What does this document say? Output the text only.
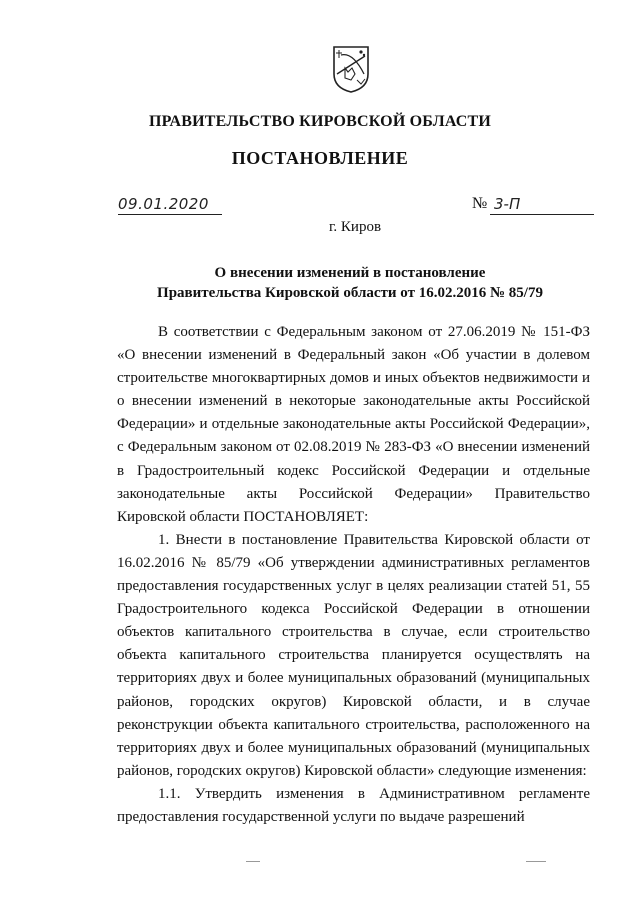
ПРАВИТЕЛЬСТВО КИРОВСКОЙ ОБЛАСТИ
ПОСТАНОВЛЕНИЕ
09.01.2020	№ 3-П
г. Киров
О внесении изменений в постановление
Правительства Кировской области от 16.02.2016 № 85/79

В соответствии с Федеральным законом от 27.06.2019 № 151-ФЗ «О внесении изменений в Федеральный закон «Об участии в долевом строительстве многоквартирных домов и иных объектов недвижимости и о внесении изменений в некоторые законодательные акты Российской Федерации» и отдельные законодательные акты Российской Федерации», с Федеральным законом от 02.08.2019 № 283-ФЗ «О внесении изменений в Градостроительный кодекс Российской Федерации и отдельные законодательные акты Российской Федерации» Правительство Кировской области ПОСТАНОВЛЯЕТ:

1. Внести в постановление Правительства Кировской области от 16.02.2016 № 85/79 «Об утверждении административных регламентов предоставления государственных услуг в целях реализации статей 51, 55 Градостроительного кодекса Российской Федерации в отношении объектов капитального строительства в случае, если строительство объекта капитального строительства планируется осуществлять на территориях двух и более муниципальных образований (муниципальных районов, городских округов) Кировской области, и в случае реконструкции объекта капитального строительства, расположенного на территориях двух и более муниципальных образований (муниципальных районов, городских округов) Кировской области» следующие изменения:

1.1. Утвердить изменения в Административном регламенте предоставления государственной услуги по выдаче разрешений
